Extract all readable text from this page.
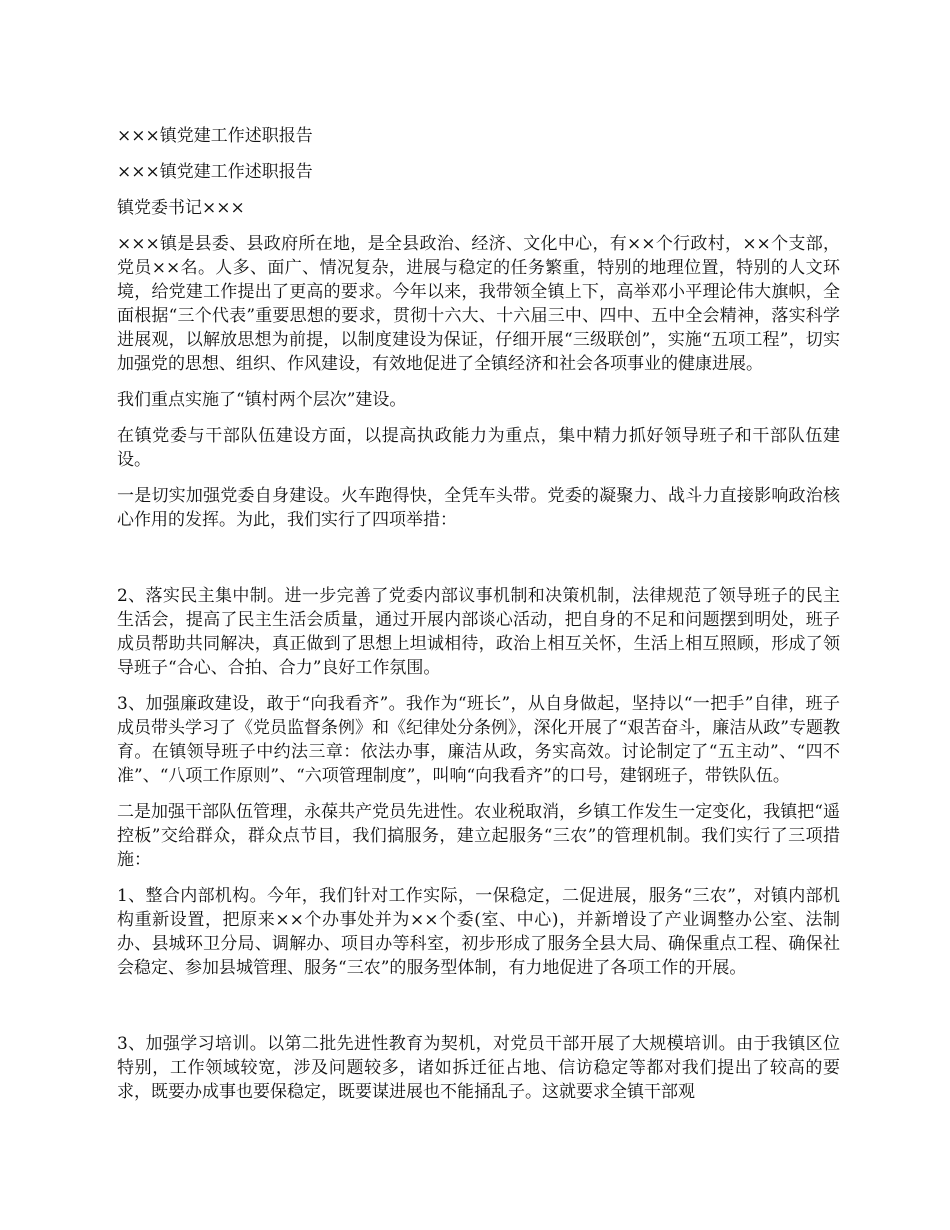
×××镇党建工作述职报告

×××镇党建工作述职报告

镇党委书记×××

×××镇是县委、县政府所在地，是全县政治、经济、文化中心，有××个行政村，××个支部，党员××名。人多、面广、情况复杂，进展与稳定的任务繁重，特别的地理位置，特别的人文环境，给党建工作提出了更高的要求。今年以来，我带领全镇上下，高举邓小平理论伟大旗帜，全面根据“三个代表”重要思想的要求，贯彻十六大、十六届三中、四中、五中全会精神，落实科学进展观，以解放思想为前提，以制度建设为保证，仔细开展“三级联创”，实施“五项工程”，切实加强党的思想、组织、作风建设，有效地促进了全镇经济和社会各项事业的健康进展。

我们重点实施了“镇村两个层次”建设。

在镇党委与干部队伍建设方面，以提高执政能力为重点，集中精力抓好领导班子和干部队伍建设。

一是切实加强党委自身建设。火车跑得快，全凭车头带。党委的凝聚力、战斗力直接影响政治核心作用的发挥。为此，我们实行了四项举措：

2、落实民主集中制。进一步完善了党委内部议事机制和决策机制，法律规范了领导班子的民主生活会，提高了民主生活会质量，通过开展内部谈心活动，把自身的不足和问题摆到明处，班子成员帮助共同解决，真正做到了思想上坦诚相待，政治上相互关怀，生活上相互照顾，形成了领导班子“合心、合拍、合力”良好工作氛围。

3、加强廉政建设，敢于“向我看齐”。我作为“班长”，从自身做起，坚持以“一把手”自律，班子成员带头学习了《党员监督条例》和《纪律处分条例》，深化开展了“艰苦奋斗，廉洁从政”专题教育。在镇领导班子中约法三章：依法办事，廉洁从政，务实高效。讨论制定了“五主动”、“四不准”、“八项工作原则”、“六项管理制度”，叫响“向我看齐”的口号，建钢班子，带铁队伍。

二是加强干部队伍管理，永葆共产党员先进性。农业税取消，乡镇工作发生一定变化，我镇把“遥控板”交给群众，群众点节目，我们搞服务，建立起服务“三农”的管理机制。我们实行了三项措施：

1、整合内部机构。今年，我们针对工作实际，一保稳定，二促进展，服务“三农”，对镇内部机构重新设置，把原来××个办事处并为××个委(室、中心)，并新增设了产业调整办公室、法制办、县城环卫分局、调解办、项目办等科室，初步形成了服务全县大局、确保重点工程、确保社会稳定、参加县城管理、服务“三农”的服务型体制，有力地促进了各项工作的开展。

3、加强学习培训。以第二批先进性教育为契机，对党员干部开展了大规模培训。由于我镇区位特别，工作领域较宽，涉及问题较多，诸如拆迁征占地、信访稳定等都对我们提出了较高的要求，既要办成事也要保稳定，既要谋进展也不能捅乱子。这就要求全镇干部观
